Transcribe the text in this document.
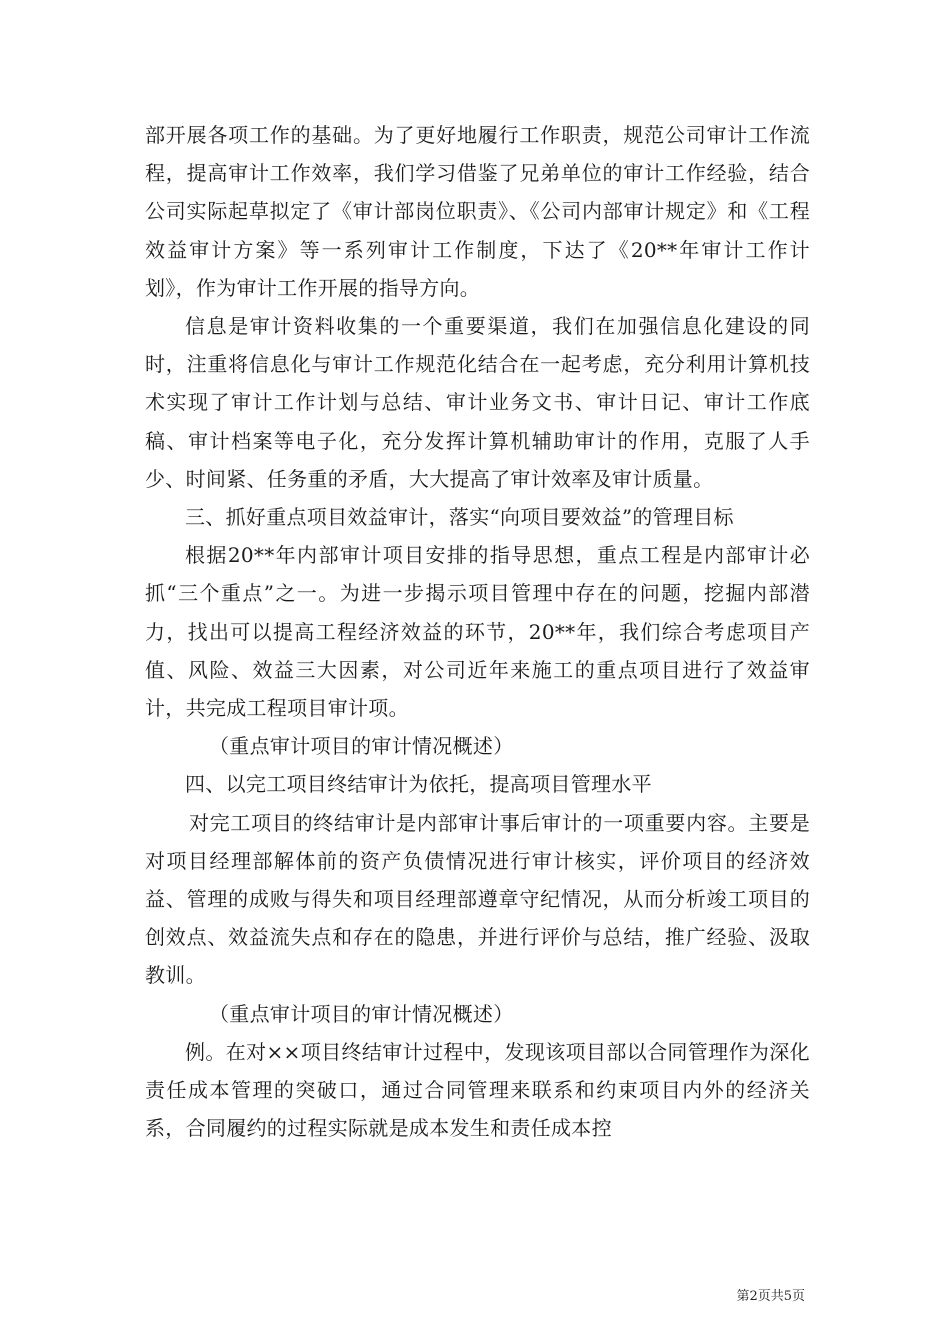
部开展各项工作的基础。为了更好地履行工作职责，规范公司审计工作流程，提高审计工作效率，我们学习借鉴了兄弟单位的审计工作经验，结合公司实际起草拟定了《审计部岗位职责》、《公司内部审计规定》和《工程效益审计方案》等一系列审计工作制度，下达了《20**年审计工作计划》，作为审计工作开展的指导方向。

信息是审计资料收集的一个重要渠道，我们在加强信息化建设的同时，注重将信息化与审计工作规范化结合在一起考虑，充分利用计算机技术实现了审计工作计划与总结、审计业务文书、审计日记、审计工作底稿、审计档案等电子化，充分发挥计算机辅助审计的作用，克服了人手少、时间紧、任务重的矛盾，大大提高了审计效率及审计质量。

三、抓好重点项目效益审计，落实“向项目要效益”的管理目标

根据20**年内部审计项目安排的指导思想，重点工程是内部审计必抓“三个重点”之一。为进一步揭示项目管理中存在的问题，挖掘内部潜力，找出可以提高工程经济效益的环节，20**年，我们综合考虑项目产值、风险、效益三大因素，对公司近年来施工的重点项目进行了效益审计，共完成工程项目审计项。

（重点审计项目的审计情况概述）

四、以完工项目终结审计为依托，提高项目管理水平

对完工项目的终结审计是内部审计事后审计的一项重要内容。主要是对项目经理部解体前的资产负债情况进行审计核实，评价项目的经济效益、管理的成败与得失和项目经理部遵章守纪情况，从而分析竣工项目的创效点、效益流失点和存在的隐患，并进行评价与总结，推广经验、汲取教训。

（重点审计项目的审计情况概述）

例。在对××项目终结审计过程中，发现该项目部以合同管理作为深化责任成本管理的突破口，通过合同管理来联系和约束项目内外的经济关系，合同履约的过程实际就是成本发生和责任成本控

第2页共5页
